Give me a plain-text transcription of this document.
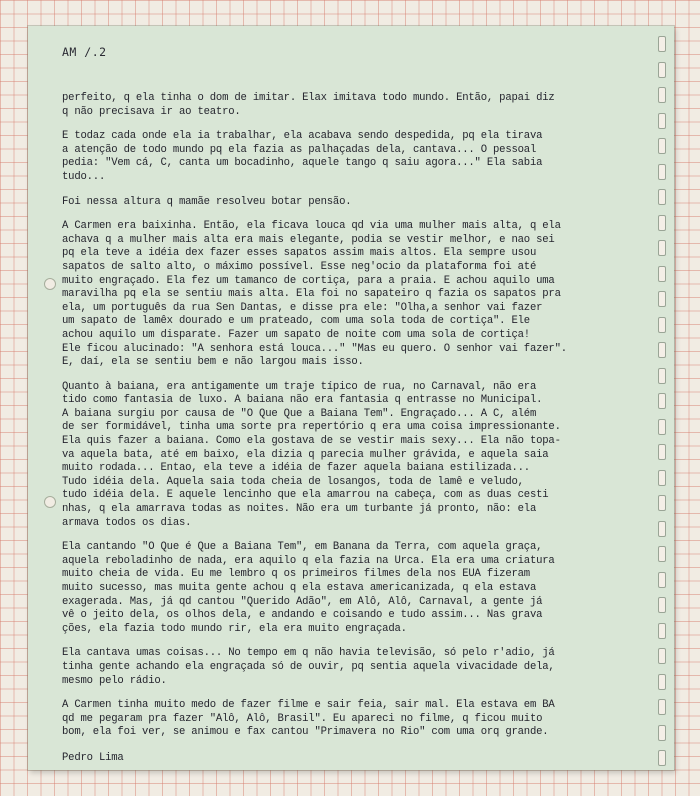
AM /.2
perfeito, q ela tinha o dom de imitar. Elax imitava todo mundo. Então, papai diz
q não precisava ir ao teatro.
E todaz cada onde ela ia trabalhar, ela acabava sendo despedida, pq ela tirava
a atenção de todo mundo pq ela fazia as palhaçadas dela, cantava... O pessoal
pedia: "Vem cá, C, canta um bocadinho, aquele tango q saiu agora..." Ela sabia
tudo...
Foi nessa altura q mamãe resolveu botar pensão.
A Carmen era baixinha. Então, ela ficava louca qd via uma mulher mais alta, q ela
achava q a mulher mais alta era mais elegante, podia se vestir melhor, e nao sei
pq ela teve a idéia dex fazer esses sapatos assim mais altos. Ela sempre usou
sapatos de salto alto, o máximo possível. Esse neg'ocio da plataforma foi até
muito engraçado. Ela fez um tamanco de cortiça, para a praia. E achou aquilo uma
maravilha pq ela se sentiu mais alta. Ela foi no sapateiro q fazia os sapatos pra
ela, um português da rua Sen Dantas, e disse pra ele: "Olha,a senhor vai fazer
um sapato de lamêx dourado e um prateado, com uma sola toda de cortiça". Ele
achou aquilo um disparate. Fazer um sapato de noite com uma sola de cortiça!
Ele ficou alucinado: "A senhora está louca..." "Mas eu quero. O senhor vai fazer".
E, daí, ela se sentiu bem e não largou mais isso.
Quanto à baiana, era antigamente um traje típico de rua, no Carnaval, não era
tido como fantasia de luxo. A baiana não era fantasia q entrasse no Municipal.
A baiana surgiu por causa de "O Que Que a Baiana Tem". Engraçado... A C, além
de ser formidável, tinha uma sorte pra repertório q era uma coisa impressionante.
Ela quis fazer a baiana. Como ela gostava de se vestir mais sexy... Ela não topa-
va aquela bata, até em baixo, ela dizia q parecia mulher grávida, e aquela saia
muito rodada... Entao, ela teve a idéia de fazer aquela baiana estilizada...
Tudo idéia dela. Aquela saia toda cheia de losangos, toda de lamê e veludo,
tudo idéia dela. E aquele lencinho que ela amarrou na cabeça, com as duas cesti
nhas, q ela amarrava todas as noites. Não era um turbante já pronto, não: ela
armava todos os dias.
Ela cantando "O Que é Que a Baiana Tem", em Banana da Terra, com aquela graça,
aquela reboladinho de nada, era aquilo q ela fazia na Urca. Ela era uma criatura
muito cheia de vida. Eu me lembro q os primeiros filmes dela nos EUA fizeram
muito sucesso, mas muita gente achou q ela estava americanizada, q ela estava
exagerada. Mas, já qd cantou "Querido Adão", em Alô, Alô, Carnaval, a gente já
vê o jeito dela, os olhos dela, e andando e coisando e tudo assim... Nas grava
ções, ela fazia todo mundo rir, ela era muito engraçada.
Ela cantava umas coisas... No tempo em q não havia televisão, só pelo r'adio, já
tinha gente achando ela engraçada só de ouvir, pq sentia aquela vivacidade dela,
mesmo pelo rádio.
A Carmen tinha muito medo de fazer filme e sair feia, sair mal. Ela estava em BA
qd me pegaram pra fazer "Alô, Alô, Brasil". Eu apareci no filme, q ficou muito
bom, ela foi ver, se animou e fax cantou "Primavera no Rio" com uma orq grande.
Pedro Lima
